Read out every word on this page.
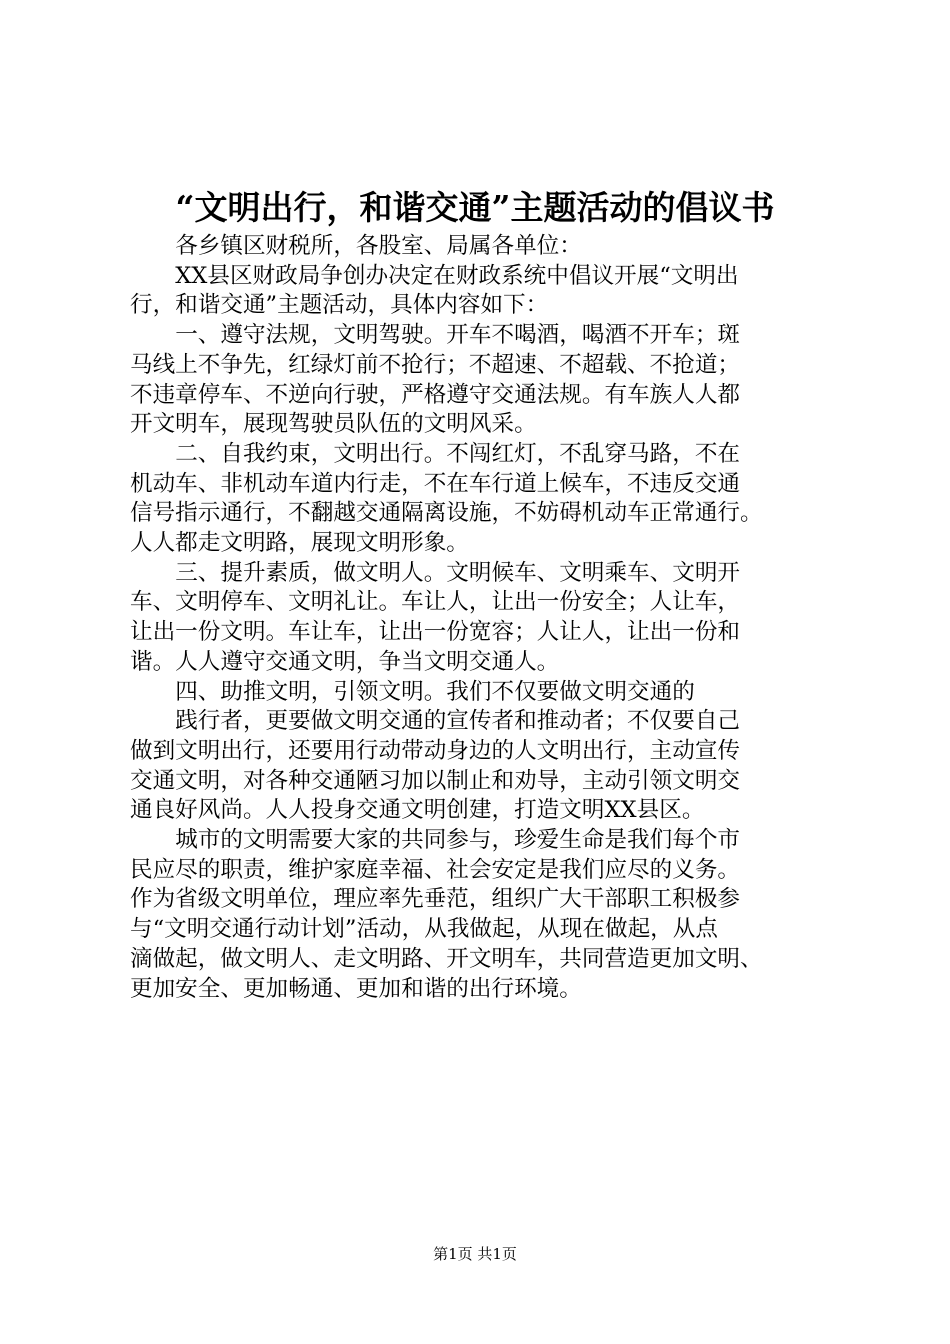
“文明出行，和谐交通”主题活动的倡议书
各乡镇区财税所，各股室、局属各单位：
XX县区财政局争创办决定在财政系统中倡议开展“文明出
行，和谐交通”主题活动，具体内容如下：
一、遵守法规，文明驾驶。开车不喝酒，喝酒不开车；斑
马线上不争先，红绿灯前不抢行；不超速、不超载、不抢道；
不违章停车、不逆向行驶，严格遵守交通法规。有车族人人都
开文明车，展现驾驶员队伍的文明风采。
二、自我约束，文明出行。不闯红灯，不乱穿马路，不在
机动车、非机动车道内行走，不在车行道上候车，不违反交通
信号指示通行，不翻越交通隔离设施，不妨碍机动车正常通行。
人人都走文明路，展现文明形象。
三、提升素质，做文明人。文明候车、文明乘车、文明开
车、文明停车、文明礼让。车让人，让出一份安全；人让车，
让出一份文明。车让车，让出一份宽容；人让人，让出一份和
谐。人人遵守交通文明，争当文明交通人。
四、助推文明，引领文明。我们不仅要做文明交通的
践行者，更要做文明交通的宣传者和推动者；不仅要自己
做到文明出行，还要用行动带动身边的人文明出行，主动宣传
交通文明，对各种交通陋习加以制止和劝导，主动引领文明交
通良好风尚。人人投身交通文明创建，打造文明XX县区。
城市的文明需要大家的共同参与，珍爱生命是我们每个市
民应尽的职责，维护家庭幸福、社会安定是我们应尽的义务。
作为省级文明单位，理应率先垂范，组织广大干部职工积极参
与“文明交通行动计划”活动，从我做起，从现在做起，从点
滴做起，做文明人、走文明路、开文明车，共同营造更加文明、
更加安全、更加畅通、更加和谐的出行环境。
第1页 共1页
